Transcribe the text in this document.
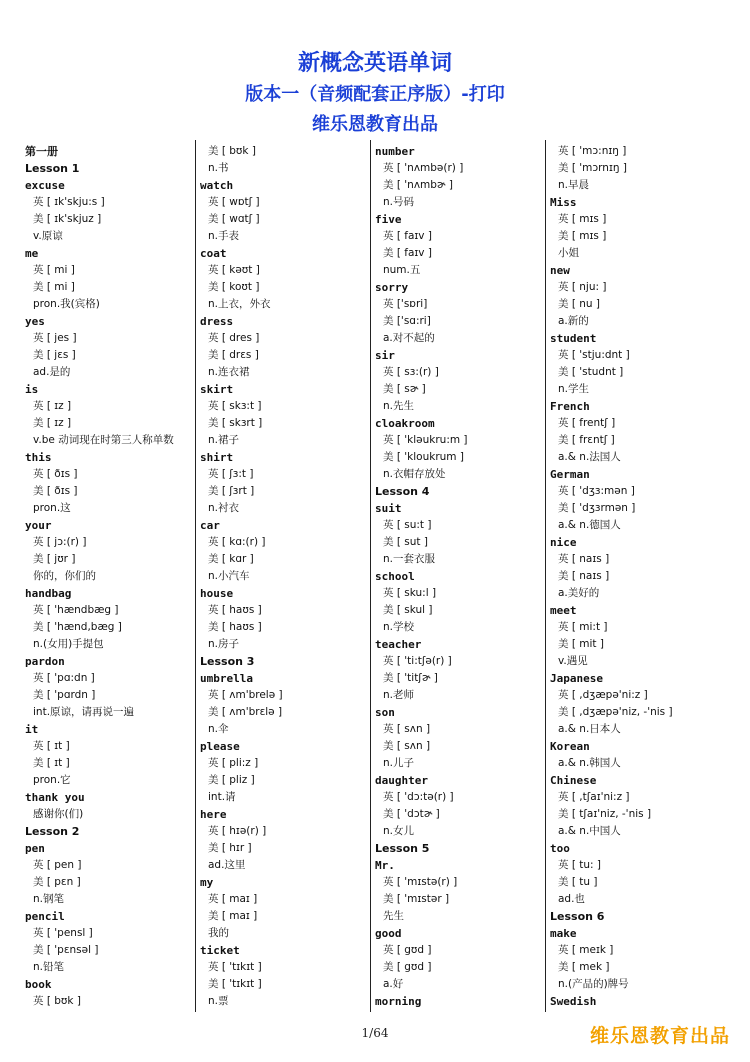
新概念英语单词
版本一（音频配套正序版）-打印
维乐恩教育出品
第一册
Lesson 1
excuse
英 [ ɪk'skju:s ]
美 [ ɪk'skjuz ]
v.原谅
me
英 [ mi ]
美 [ mi ]
pron.我(宾格)
yes
英 [ jes ]
美 [ jɛs ]
ad.是的
is
英 [ ɪz ]
美 [ ɪz ]
v.be 动词现在时第三人称单数
this
英 [ ðɪs ]
美 [ ðɪs ]
pron.这
your
英 [ jɔ:(r) ]
美 [ jʊr ]
你的，你们的
handbag
英 [ 'hændbæg ]
美 [ 'hænd,bæg ]
n.(女用)手提包
pardon
英 [ 'pɑ:dn ]
美 [ 'pɑrdn ]
int.原谅，请再说一遍
it
英 [ ɪt ]
美 [ ɪt ]
pron.它
thank you
感谢你(们)
Lesson 2
pen
英 [ pen ]
美 [ pɛn ]
n.钢笔
pencil
英 [ 'pensl ]
美 [ 'pɛnsəl ]
n.铅笔
book
英 [ bʊk ]
美 [ bʊk ]
n.书
watch
英 [ wɒtʃ ]
美 [ wɑtʃ ]
n.手表
coat
英 [ kəʊt ]
美 [ koʊt ]
n.上衣，外衣
dress
英 [ dres ]
美 [ drɛs ]
n.连衣裙
skirt
英 [ skɜ:t ]
美 [ skɜrt ]
n.裙子
shirt
英 [ ʃɜ:t ]
美 [ ʃɜrt ]
n.衬衣
car
英 [ kɑ:(r) ]
美 [ kɑr ]
n.小汽车
house
英 [ haʊs ]
美 [ haʊs ]
n.房子
Lesson 3
umbrella
英 [ ʌm'brelə ]
美 [ ʌm'brɛlə ]
n.伞
please
英 [ pli:z ]
美 [ pliz ]
int.请
here
英 [ hɪə(r) ]
美 [ hɪr ]
ad.这里
my
英 [ maɪ ]
美 [ maɪ ]
我的
ticket
英 [ 'tɪkɪt ]
美 [ 'tɪkɪt ]
n.票
number
英 [ 'nʌmbə(r) ]
美 [ 'nʌmbɚ ]
n.号码
five
英 [ faɪv ]
美 [ faɪv ]
num.五
sorry
英 ['sɒri]
美 ['sɑ:ri]
a.对不起的
sir
英 [ sɜ:(r) ]
美 [ sɚ ]
n.先生
cloakroom
英 [ 'kləukru:m ]
美 [ 'kloukrum ]
n.衣帽存放处
Lesson 4
suit
英 [ su:t ]
美 [ sut ]
n.一套衣服
school
英 [ sku:l ]
美 [ skul ]
n.学校
teacher
英 [ 'ti:tʃə(r) ]
美 [ 'titʃɚ ]
n.老师
son
英 [ sʌn ]
美 [ sʌn ]
n.儿子
daughter
英 [ 'dɔ:tə(r) ]
美 [ 'dɔtɚ ]
n.女儿
Lesson 5
Mr.
英 [ 'mɪstə(r) ]
美 [ 'mɪstər ]
先生
good
英 [ gʊd ]
美 [ gʊd ]
a.好
morning
英 [ 'mɔ:nɪŋ ]
美 [ 'mɔrnɪŋ ]
n.早晨
Miss
英 [ mɪs ]
美 [ mɪs ]
小姐
new
英 [ nju: ]
美 [ nu ]
a.新的
student
英 [ 'stju:dnt ]
美 [ 'studnt ]
n.学生
French
英 [ frentʃ ]
美 [ frɛntʃ ]
a.& n.法国人
German
英 [ 'dʒɜ:mən ]
美 [ 'dʒɜrmən ]
a.& n.德国人
nice
英 [ naɪs ]
美 [ naɪs ]
a.美好的
meet
英 [ mi:t ]
美 [ mit ]
v.遇见
Japanese
英 [ ,dʒæpə'ni:z ]
美 [ ,dʒæpə'niz, -'nis ]
a.& n.日本人
Korean
a.& n.韩国人
Chinese
英 [ ,tʃaɪ'ni:z ]
美 [ tʃaɪ'niz, -'nis ]
a.& n.中国人
too
英 [ tu: ]
美 [ tu ]
ad.也
Lesson 6
make
英 [ meɪk ]
美 [ mek ]
n.(产品的)牌号
Swedish
1/64	维乐恩教育出品
